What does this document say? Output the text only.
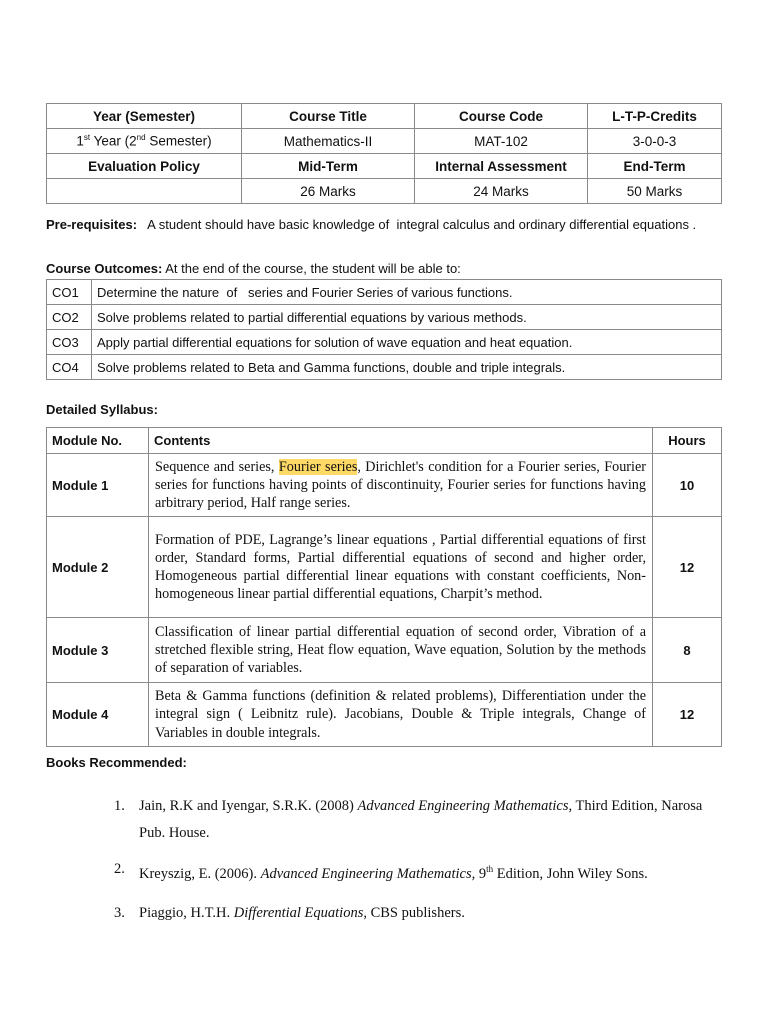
Year (Semester)	Course Title	Course Code	L-T-P-Credits
1st Year (2nd Semester)	Mathematics-II	MAT-102	3-0-0-3
Evaluation Policy	Mid-Term	Internal Assessment	End-Term
	26 Marks	24 Marks	50 Marks
Pre-requisites:   A student should have basic knowledge of  integral calculus and ordinary differential equations .
Course Outcomes: At the end of the course, the student will be able to:
CO1	Determine the nature  of   series and Fourier Series of various functions.
CO2	Solve problems related to partial differential equations by various methods.
CO3	Apply partial differential equations for solution of wave equation and heat equation.
CO4	Solve problems related to Beta and Gamma functions, double and triple integrals.
Detailed Syllabus:
Module No.	Contents	Hours
Module 1	Sequence and series, Fourier series, Dirichlet's condition for a Fourier series, Fourier series for functions having points of discontinuity, Fourier series for functions having arbitrary period, Half range series.	10
Module 2	Formation of PDE, Lagrange’s linear equations , Partial differential equations of first order, Standard forms, Partial differential equations of second and higher order, Homogeneous partial differential linear equations with constant coefficients, Non-homogeneous linear partial differential equations, Charpit’s method.	12
Module 3	Classification of linear partial differential equation of second order, Vibration of a stretched flexible string, Heat flow equation, Wave equation, Solution by the methods of separation of variables.	8
Module 4	Beta & Gamma functions (definition & related problems), Differentiation under the integral sign ( Leibnitz rule). Jacobians, Double & Triple integrals, Change of Variables in double integrals.	12
Books Recommended:
1. Jain, R.K and Iyengar, S.R.K. (2008) Advanced Engineering Mathematics, Third Edition, Narosa Pub. House.
2. Kreyszig, E. (2006). Advanced Engineering Mathematics, 9th Edition, John Wiley Sons.
3. Piaggio, H.T.H. Differential Equations, CBS publishers.
